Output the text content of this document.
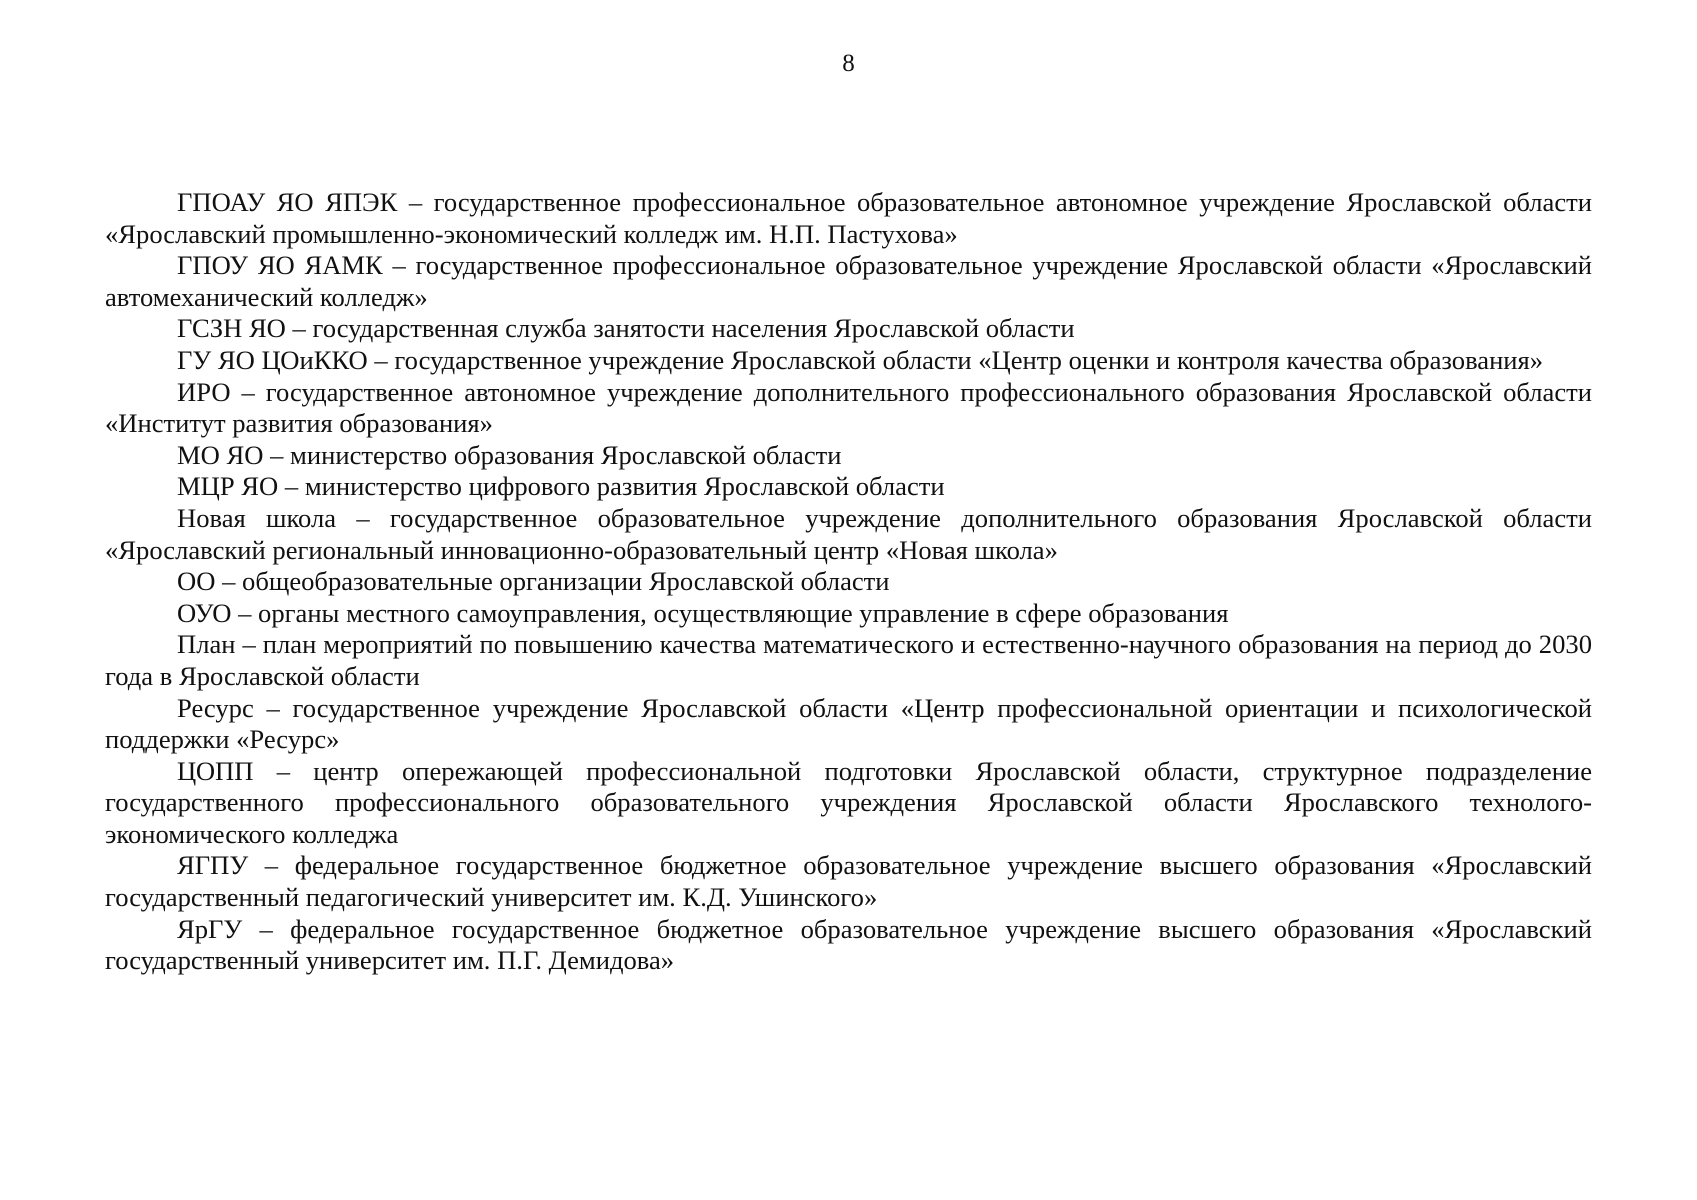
8
ГПОАУ ЯО ЯПЭК – государственное профессиональное образовательное автономное учреждение Ярославской области «Ярославский промышленно-экономический колледж им. Н.П. Пастухова»
ГПОУ ЯО ЯАМК – государственное профессиональное образовательное учреждение Ярославской области «Ярославский автомеханический колледж»
ГСЗН ЯО – государственная служба занятости населения Ярославской области
ГУ ЯО ЦОиККО – государственное учреждение Ярославской области «Центр оценки и контроля качества образования»
ИРО – государственное автономное учреждение дополнительного профессионального образования Ярославской области «Институт развития образования»
МО ЯО – министерство образования Ярославской области
МЦР ЯО – министерство цифрового развития Ярославской области
Новая школа – государственное образовательное учреждение дополнительного образования Ярославской области «Ярославский региональный инновационно-образовательный центр «Новая школа»
ОО – общеобразовательные организации Ярославской области
ОУО – органы местного самоуправления, осуществляющие управление в сфере образования
План – план мероприятий по повышению качества математического и естественно-научного образования на период до 2030 года в Ярославской области
Ресурс – государственное учреждение Ярославской области «Центр профессиональной ориентации и психологической поддержки «Ресурс»
ЦОПП – центр опережающей профессиональной подготовки Ярославской области, структурное подразделение государственного профессионального образовательного учреждения Ярославской области Ярославского технолого-экономического колледжа
ЯГПУ – федеральное государственное бюджетное образовательное учреждение высшего образования «Ярославский государственный педагогический университет им. К.Д. Ушинского»
ЯрГУ – федеральное государственное бюджетное образовательное учреждение высшего образования «Ярославский государственный университет им. П.Г. Демидова»
